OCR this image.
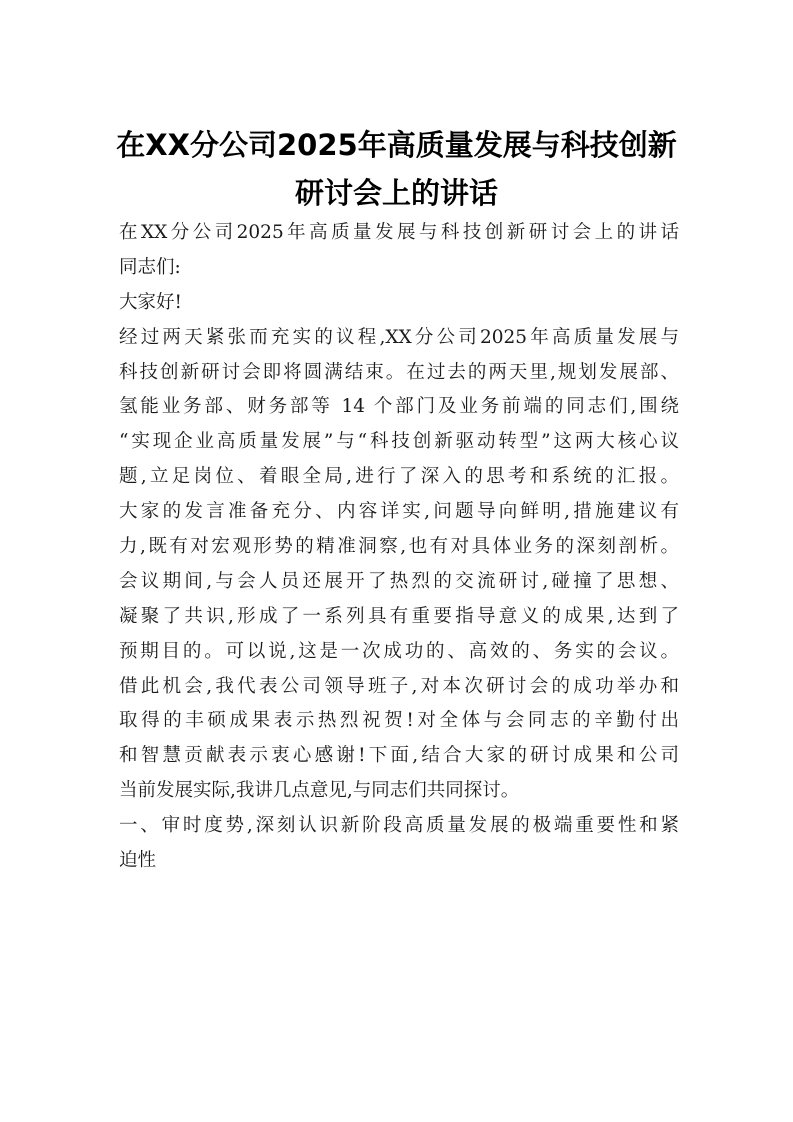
在XX分公司2025年高质量发展与科技创新
研讨会上的讲话
在XX分公司2025年高质量发展与科技创新研讨会上的讲话
同志们:
大家好!
经过两天紧张而充实的议程,XX分公司2025年高质量发展与
科技创新研讨会即将圆满结束。在过去的两天里,规划发展部、
氢能业务部、财务部等 14 个部门及业务前端的同志们,围绕
“实现企业高质量发展”与“科技创新驱动转型”这两大核心议
题,立足岗位、着眼全局,进行了深入的思考和系统的汇报。
大家的发言准备充分、内容详实,问题导向鲜明,措施建议有
力,既有对宏观形势的精准洞察,也有对具体业务的深刻剖析。
会议期间,与会人员还展开了热烈的交流研讨,碰撞了思想、
凝聚了共识,形成了一系列具有重要指导意义的成果,达到了
预期目的。可以说,这是一次成功的、高效的、务实的会议。
借此机会,我代表公司领导班子,对本次研讨会的成功举办和
取得的丰硕成果表示热烈祝贺!对全体与会同志的辛勤付出
和智慧贡献表示衷心感谢!下面,结合大家的研讨成果和公司
当前发展实际,我讲几点意见,与同志们共同探讨。
一、审时度势,深刻认识新阶段高质量发展的极端重要性和紧
迫性
